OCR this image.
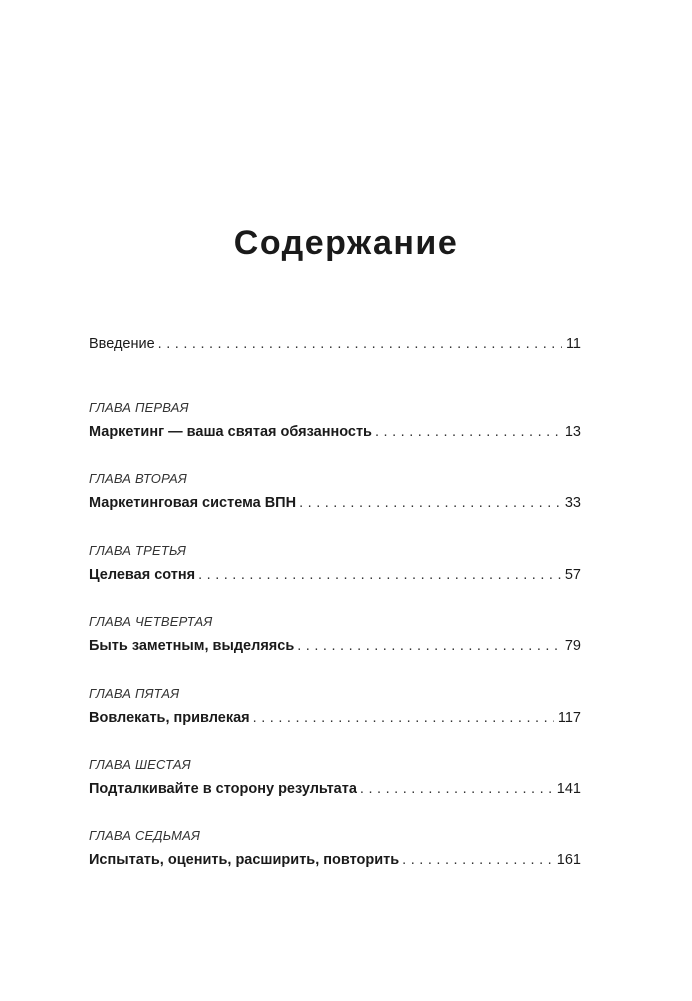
Содержание
Введение . . .	11
ГЛАВА ПЕРВАЯ
Маркетинг — ваша святая обязанность . . .	13
ГЛАВА ВТОРАЯ
Маркетинговая система ВПН . . .	33
ГЛАВА ТРЕТЬЯ
Целевая сотня . . .	57
ГЛАВА ЧЕТВЕРТАЯ
Быть заметным, выделяясь . . .	79
ГЛАВА ПЯТАЯ
Вовлекать, привлекая . . .	117
ГЛАВА ШЕСТАЯ
Подталкивайте в сторону результата . . .	141
ГЛАВА СЕДЬМАЯ
Испытать, оценить, расширить, повторить . . .	161
